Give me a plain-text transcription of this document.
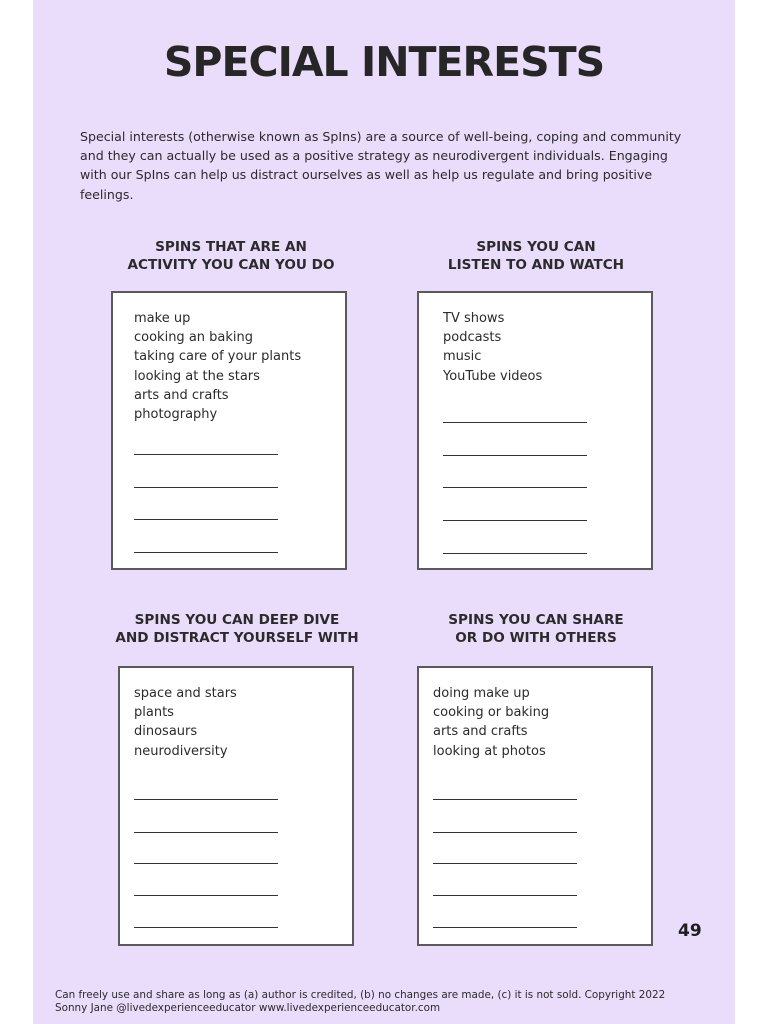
SPECIAL INTERESTS

Special interests (otherwise known as SpIns) are a source of well-being, coping and community and they can actually be used as a positive strategy as neurodivergent individuals. Engaging with our SpIns can help us distract ourselves as well as help us regulate and bring positive feelings.

SPINS THAT ARE AN
ACTIVITY YOU CAN YOU DO
make up
cooking an baking
taking care of your plants
looking at the stars
arts and crafts
photography
SPINS YOU CAN
LISTEN TO AND WATCH
TV shows
podcasts
music
YouTube videos
SPINS YOU CAN DEEP DIVE
AND DISTRACT YOURSELF WITH
space and stars
plants
dinosaurs
neurodiversity
SPINS YOU CAN SHARE
OR DO WITH OTHERS
doing make up
cooking or baking
arts and crafts
looking at photos

49

Can freely use and share as long as (a) author is credited, (b) no changes are made, (c) it is not sold. Copyright 2022
Sonny Jane @livedexperienceeducator www.livedexperienceeducator.com
